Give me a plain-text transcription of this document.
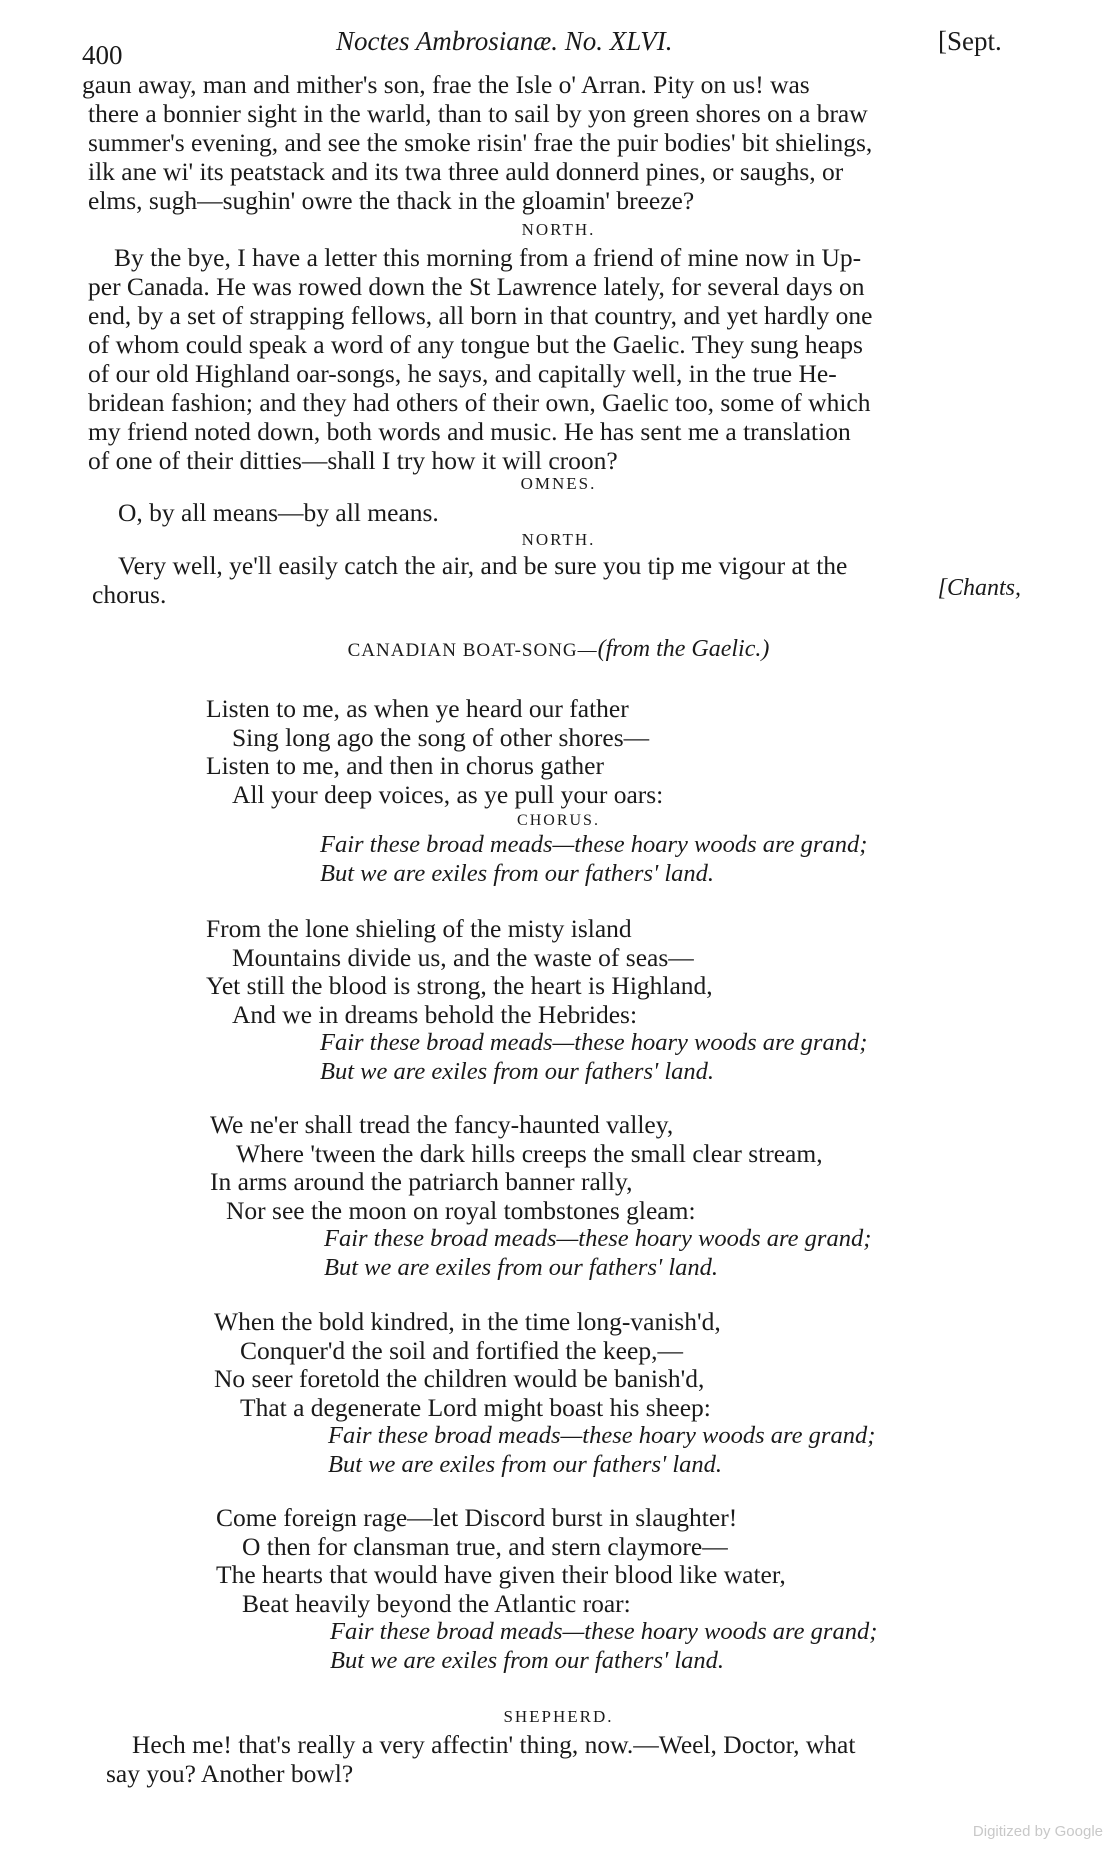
400	Noctes Ambrosianæ. No. XLVI.	[Sept.

gaun away, man and mither's son, frae the Isle o' Arran. Pity on us! was
there a bonnier sight in the warld, than to sail by yon green shores on a braw
summer's evening, and see the smoke risin' frae the puir bodies' bit shielings,
ilk ane wi' its peatstack and its twa three auld donnerd pines, or saughs, or
elms, sugh—sughin' owre the thack in the gloamin' breeze?

NORTH.

By the bye, I have a letter this morning from a friend of mine now in Up-
per Canada. He was rowed down the St Lawrence lately, for several days on
end, by a set of strapping fellows, all born in that country, and yet hardly one
of whom could speak a word of any tongue but the Gaelic. They sung heaps
of our old Highland oar-songs, he says, and capitally well, in the true He-
bridean fashion; and they had others of their own, Gaelic too, some of which
my friend noted down, both words and music. He has sent me a translation
of one of their ditties—shall I try how it will croon?

OMNES.

O, by all means—by all means.

NORTH.

Very well, ye'll easily catch the air, and be sure you tip me vigour at the
chorus.	[Chants,
CANADIAN BOAT-SONG—(from the Gaelic.)
Listen to me, as when ye heard our father
Sing long ago the song of other shores—
Listen to me, and then in chorus gather
All your deep voices, as ye pull your oars:
CHORUS.
Fair these broad meads—these hoary woods are grand;
But we are exiles from our fathers' land.
From the lone shieling of the misty island
Mountains divide us, and the waste of seas—
Yet still the blood is strong, the heart is Highland,
And we in dreams behold the Hebrides:
Fair these broad meads—these hoary woods are grand;
But we are exiles from our fathers' land.
We ne'er shall tread the fancy-haunted valley,
Where 'tween the dark hills creeps the small clear stream,
In arms around the patriarch banner rally,
Nor see the moon on royal tombstones gleam:
Fair these broad meads—these hoary woods are grand;
But we are exiles from our fathers' land.
When the bold kindred, in the time long-vanish'd,
Conquer'd the soil and fortified the keep,—
No seer foretold the children would be banish'd,
That a degenerate Lord might boast his sheep:
Fair these broad meads—these hoary woods are grand;
But we are exiles from our fathers' land.
Come foreign rage—let Discord burst in slaughter!
O then for clansman true, and stern claymore—
The hearts that would have given their blood like water,
Beat heavily beyond the Atlantic roar:
Fair these broad meads—these hoary woods are grand;
But we are exiles from our fathers' land.
SHEPHERD.

Hech me! that's really a very affectin' thing, now.—Weel, Doctor, what
say you? Another bowl?

Digitized by Google
